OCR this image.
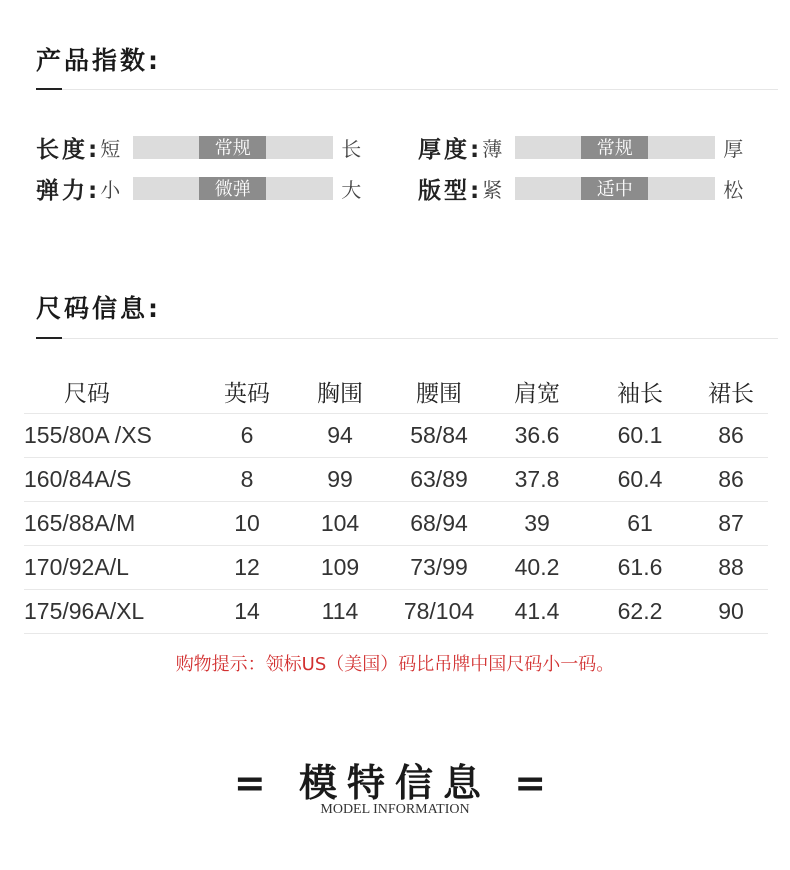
产品指数:
长度: 短	常规	长 厚度: 薄	常规	厚
弹力: 小	微弹	大 版型: 紧	适中	松
尺码信息:
尺码	英码	胸围	腰围	肩宽	袖长	裙长
155/80A /XS	6	94	58/84	36.6	60.1	86
160/84A/S	8	99	63/89	37.8	60.4	86
165/88A/M	10	104	68/94	39	61	87
170/92A/L	12	109	73/99	40.2	61.6	88
175/96A/XL	14	114	78/104	41.4	62.2	90
购物提示：领标US（美国）码比吊牌中国尺码小一码。
= 模特信息 =
MODEL INFORMATION
